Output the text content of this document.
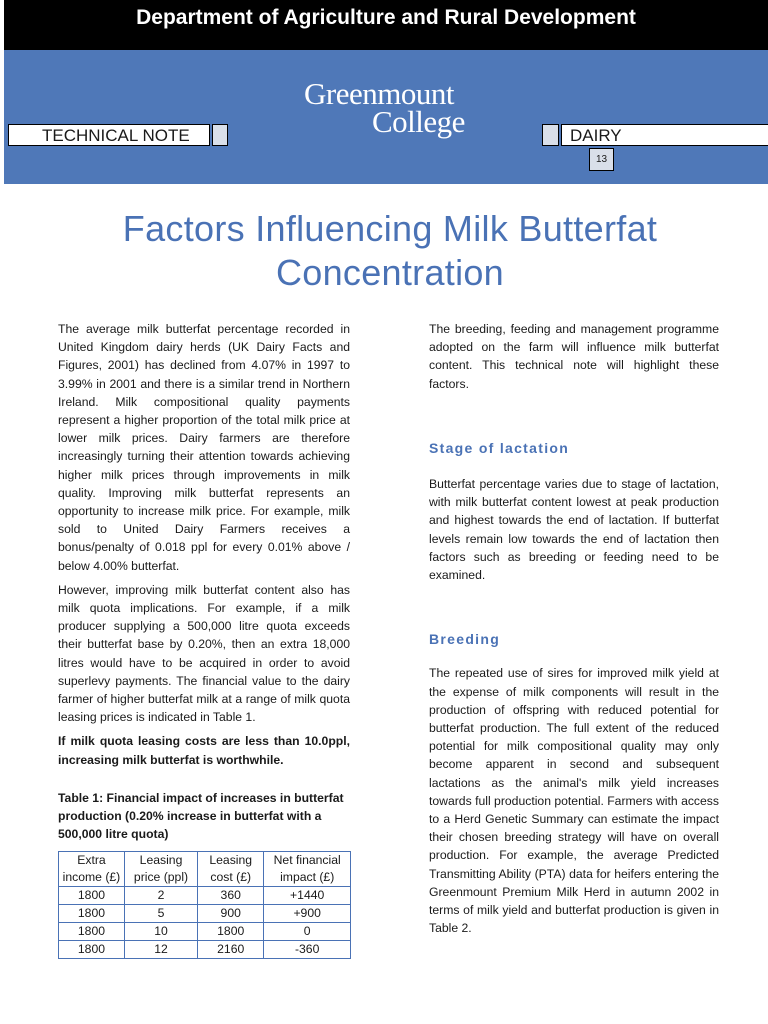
Department of Agriculture and Rural Development
Greenmount
College
TECHNICAL NOTE	DAIRY
13
Factors Influencing Milk Butterfat Concentration

The average milk butterfat percentage recorded in United Kingdom dairy herds (UK Dairy Facts and Figures, 2001) has declined from 4.07% in 1997 to 3.99% in 2001 and there is a similar trend in Northern Ireland. Milk compositional quality payments represent a higher proportion of the total milk price at lower milk prices. Dairy farmers are therefore increasingly turning their attention towards achieving higher milk prices through improvements in milk quality. Improving milk butterfat represents an opportunity to increase milk price. For example, milk sold to United Dairy Farmers receives a bonus/penalty of 0.018 ppl for every 0.01% above / below 4.00% butterfat.

However, improving milk butterfat content also has milk quota implications. For example, if a milk producer supplying a 500,000 litre quota exceeds their butterfat base by 0.20%, then an extra 18,000 litres would have to be acquired in order to avoid superlevy payments. The financial value to the dairy farmer of higher butterfat milk at a range of milk quota leasing prices is indicated in Table 1.

If milk quota leasing costs are less than 10.0ppl, increasing milk butterfat is worthwhile.

Table 1: Financial impact of increases in butterfat production (0.20% increase in butterfat with a 500,000 litre quota)
Extra income (£)	Leasing price (ppl)	Leasing cost (£)	Net financial impact (£)
1800	2	360	+1440
1800	5	900	+900
1800	10	1800	0
1800	12	2160	-360

The breeding, feeding and management programme adopted on the farm will influence milk butterfat content. This technical note will highlight these factors.

Stage of lactation

Butterfat percentage varies due to stage of lactation, with milk butterfat content lowest at peak production and highest towards the end of lactation. If butterfat levels remain low towards the end of lactation then factors such as breeding or feeding need to be examined.

Breeding

The repeated use of sires for improved milk yield at the expense of milk components will result in the production of offspring with reduced potential for butterfat production. The full extent of the reduced potential for milk compositional quality may only become apparent in second and subsequent lactations as the animal's milk yield increases towards full production potential. Farmers with access to a Herd Genetic Summary can estimate the impact their chosen breeding strategy will have on overall production. For example, the average Predicted Transmitting Ability (PTA) data for heifers entering the Greenmount Premium Milk Herd in autumn 2002 in terms of milk yield and butterfat production is given in Table 2.
